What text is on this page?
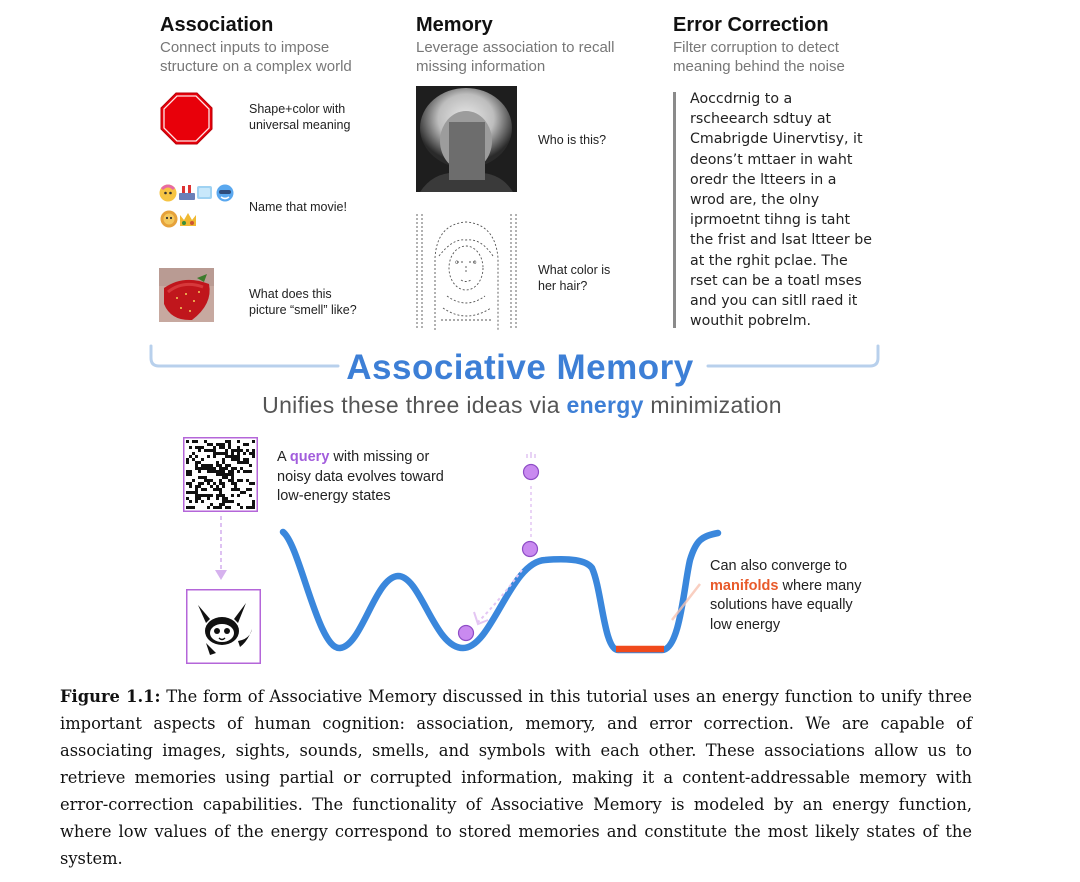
Association
Connect inputs to impose
structure on a complex world
Memory
Leverage association to recall
missing information
Error Correction
Filter corruption to detect
meaning behind the noise
Shape+color with
universal meaning
Name that movie!
What does this
picture “smell” like?
Who is this?
o o
What color is
her hair?
Aoccdrnig to a
rscheearch sdtuy at
Cmabrigde Uinervtisy, it
deons’t mttaer in waht
oredr the ltteers in a
wrod are, the olny
iprmoetnt tihng is taht
the frist and lsat ltteer be
at the rghit pclae. The
rset can be a toatl mses
and you can sitll raed it
wouthit pobrelm.
Associative Memory
Unifies these three ideas via energy minimization
A query with missing or
noisy data evolves toward
low-energy states
Can also converge to
manifolds where many
solutions have equally
low energy
Figure 1.1: The form of Associative Memory discussed in this tutorial uses an energy function to unify three important aspects of human cognition: association, memory, and error correction. We are capable of associating images, sights, sounds, smells, and symbols with each other. These associations allow us to retrieve memories using partial or corrupted information, making it a content-addressable memory with error-correction capabilities. The functionality of Associative Memory is modeled by an energy function, where low values of the energy correspond to stored memories and constitute the most likely states of the system.
